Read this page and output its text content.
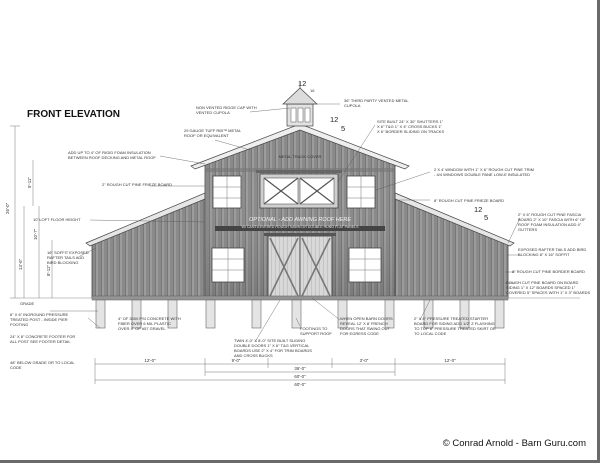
FRONT ELEVATION
METAL TRACK COVER
OPTIONAL - ADD AWNING ROOF HERE
W/ CANTILEVERED ROUGH SAWN OR DOUBLE HUNG FLAT PANELS
12
16
12
5
12
5
26'-0"
5'-11"
13'-6"
10'-7"
8'-11"
12'-0"	9'-0"	3'-0"	12'-0"
36'-0"
60'-0"
60'-0"
© Conrad Arnold - Barn Guru.com
NON VENTED RIDGE CAP WITH VENTED CUPOLA
36" THIRD PARTY VENTED METAL CUPOLA
29 GAUGE TUFF RIB™ METAL ROOF OR EQUIVALENT
SITE BUILT 24" X 30" SHUTTERS 1" X 6" T&G 1" X 4" CROSS BUCKS 1" X 6" BORDER SLIDING ON TRACKS
ADD UP TO 4" OF RIGID FOAM INSULATION BETWEEN ROOF DECKING AND METAL ROOF
2" ROUGH CUT PINE FRIEZE BOARD
2 X 4' WINDOW WITH 1" X 6" ROUGH CUT PINE TRIM - 4/4 WINDOWS DOUBLE PANE LOW-E INSULATED
10' LOFT FLOOR HEIGHT
8" ROUGH CUT PINE FRIEZE BOARD
2" X 6" ROUGH CUT PINE FASCIA BOARD 2" X 10" FASCIA WITH 6" OF ROOF FOAM INSULATION ADD 4" GUTTERS
16" SOFFIT EXPOSED RAFTER TAILS ADD BIRD BLOCKING
EXPOSED RAFTER TAILS ADD BIRD BLOCKING 8" X 16" SOFFIT
8" ROUGH CUT PINE BORDER BOARD
ROUGH CUT PINE BOARD ON BOARD SIDING 1" X 12" BOARDS SPACED 1" COVERED 5" SPACES WITH 1" X 3" BOARDS
GRADE
6" X 6" INGROUND PRESSURE TREATED POST - INSIDE PIER FOOTING
4" OF 3000 PSI CONCRETE WITH FIBER OVER 6 MIL PLASTIC OVER 4" OF #57 GRAVEL
24" X 8" CONCRETE FOOTER FOR ALL POST SEE FOOTER DETAIL
48" BELOW GRADE OR TO LOCAL CODE
FOOTINGS TO SUPPORT ROOF
TWIN 4'-0" X 8'-0" SITE BUILT SLIDING DOUBLE DOORS 1" X 6" T&G VERTICAL BOARDS USE 2" X 4" FOR TRIM BOARDS AND CROSS BUCKS
WHEN OPEN BARN DOORS REVEAL 12' X 8' FRENCH DOORS THAT SWING OUT FOR EGRESS CODE
2" X 8" PRESSURE TREATED STARTER BOARD FOR SIDING ADD 1/2" Z FLASHING TO TOP 8" PRESSURE TREATED SKIRT OR TO LOCAL CODE
